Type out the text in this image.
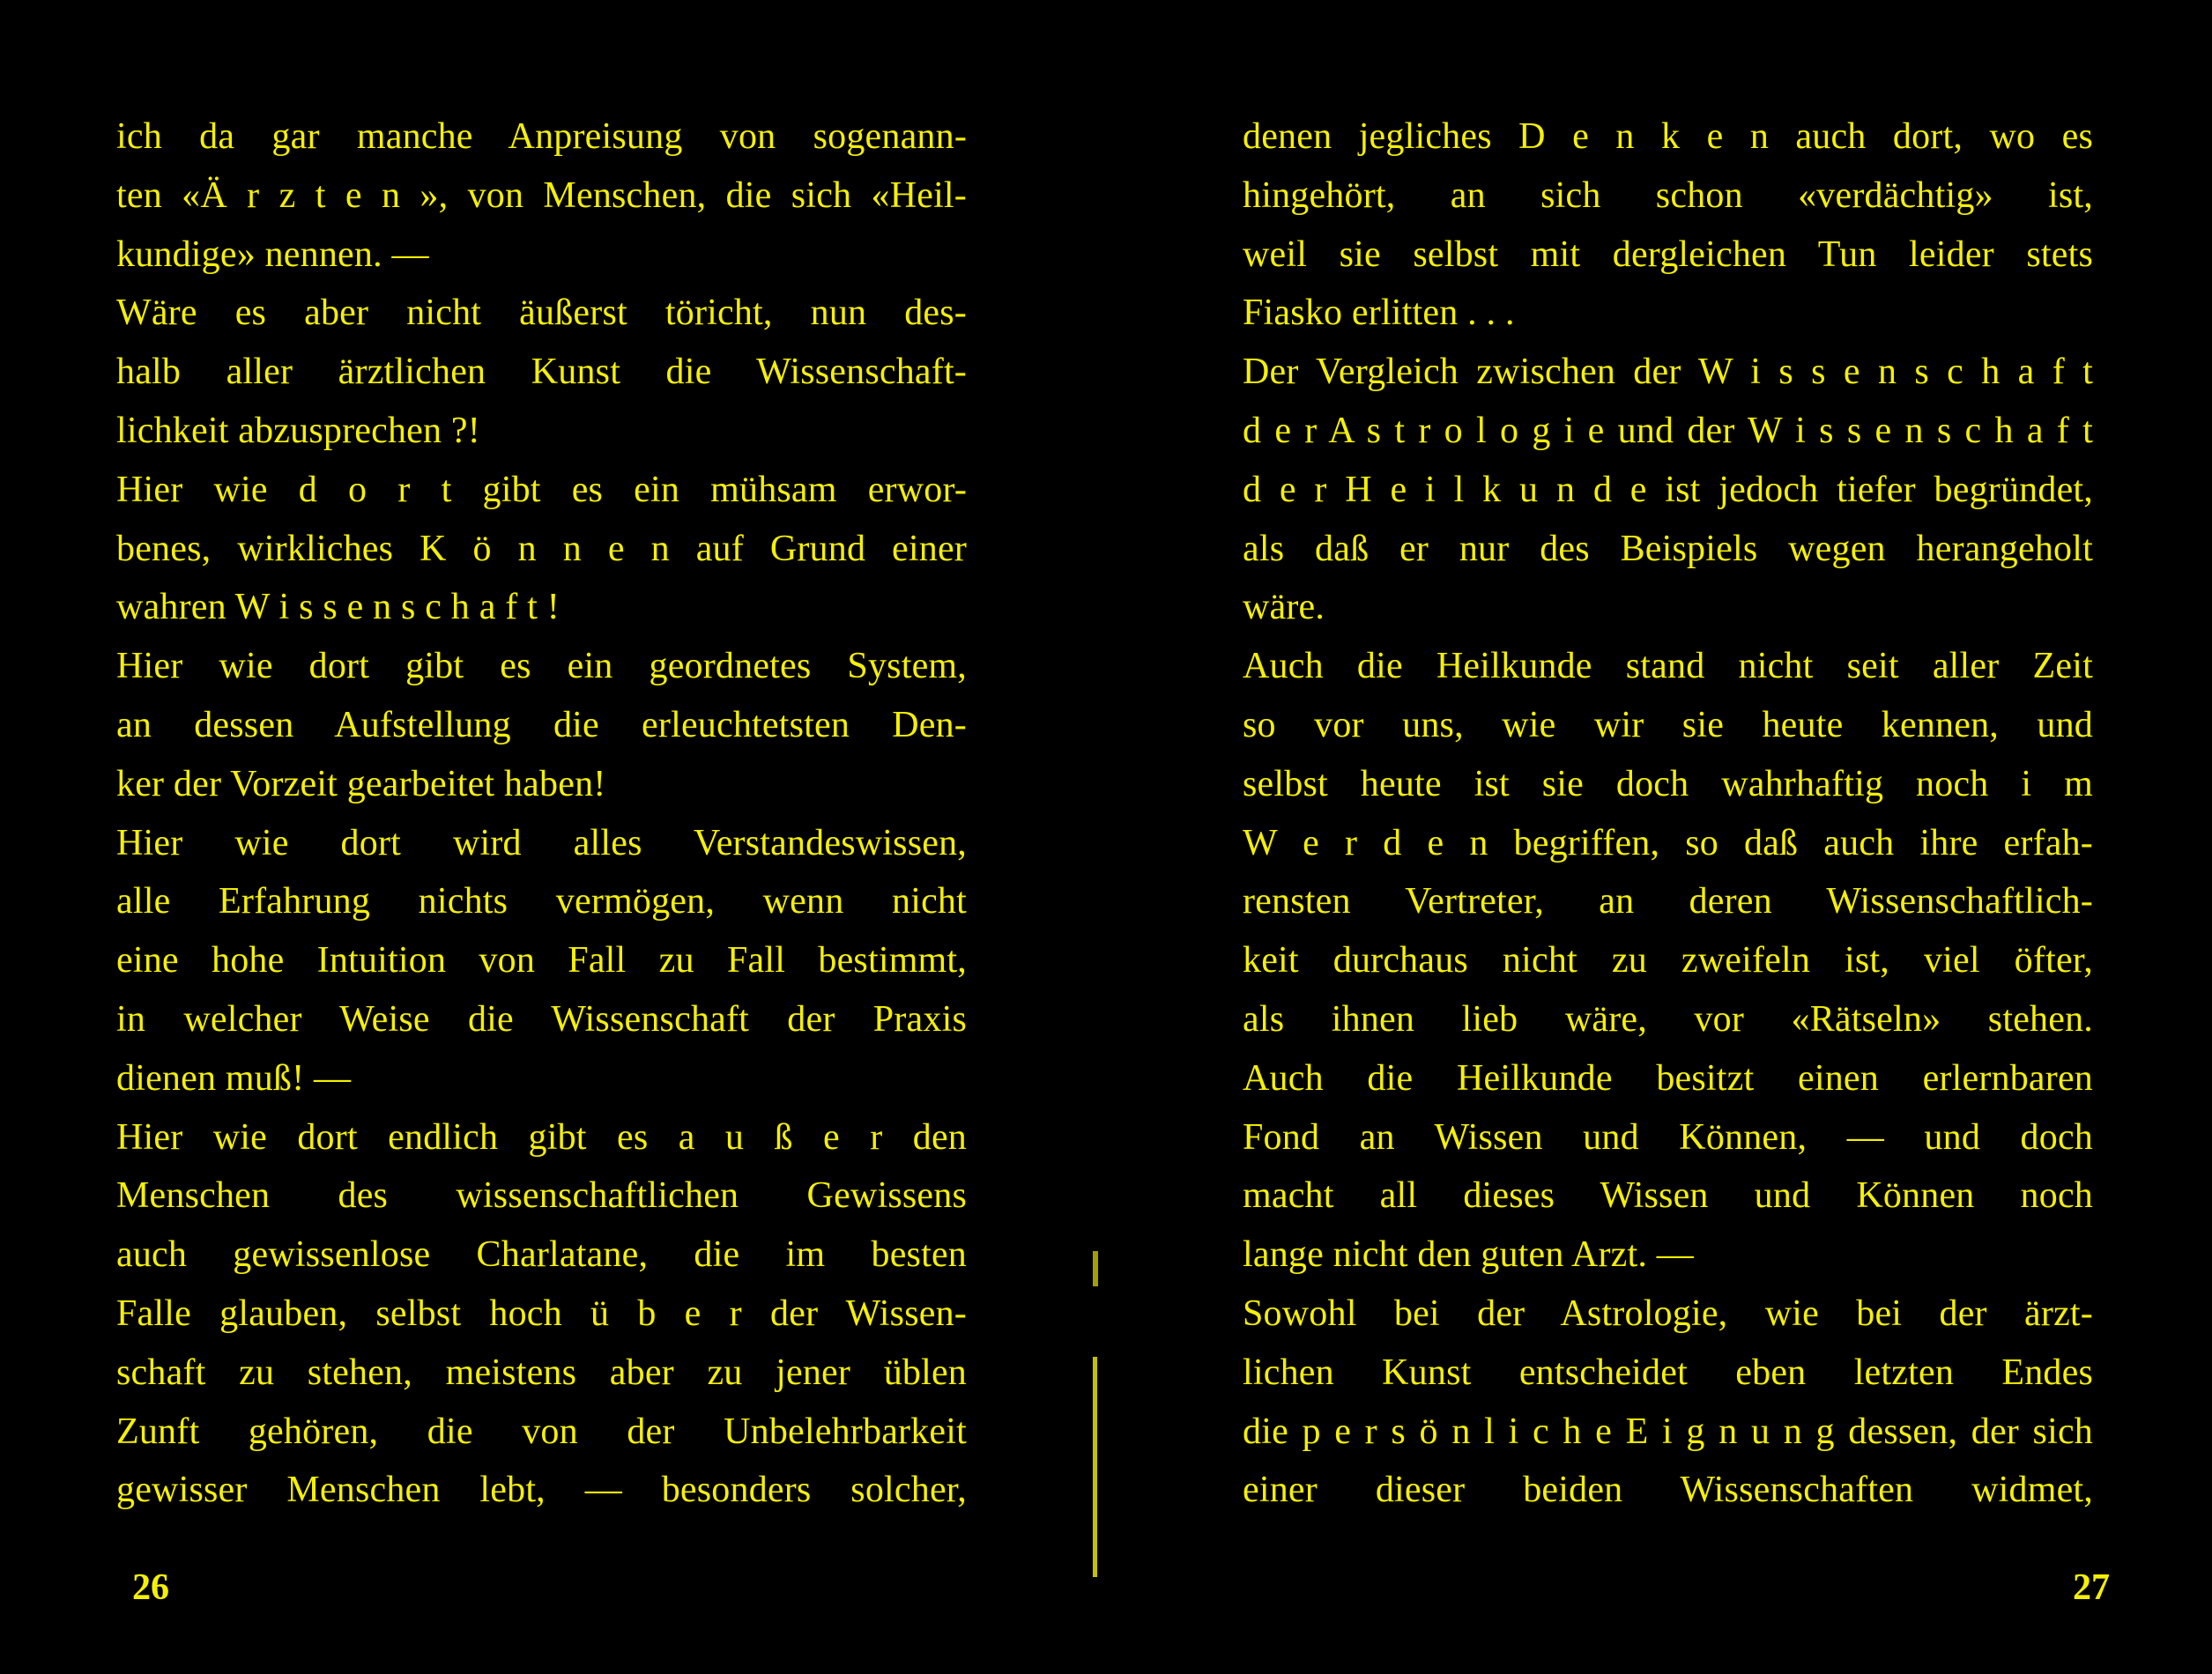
ich da gar manche Anpreisung von sogenann-
ten «Ä r z t e n », von Menschen, die sich «Heil-
kundige» nennen. —
Wäre es aber nicht äußerst töricht, nun des-
halb aller ärztlichen Kunst die Wissenschaft-
lichkeit abzusprechen ?!
Hier wie d o r t gibt es ein mühsam erwor-
benes, wirkliches K ö n n e n auf Grund einer
wahren W i s s e n s c h a f t !
Hier wie dort gibt es ein geordnetes System,
an dessen Aufstellung die erleuchtetsten Den-
ker der Vorzeit gearbeitet haben!
Hier wie dort wird alles Verstandeswissen,
alle Erfahrung nichts vermögen, wenn nicht
eine hohe Intuition von Fall zu Fall bestimmt,
in welcher Weise die Wissenschaft der Praxis
dienen muß! —
Hier wie dort endlich gibt es a u ß e r den
Menschen des wissenschaftlichen Gewissens
auch gewissenlose Charlatane, die im besten
Falle glauben, selbst hoch ü b e r der Wissen-
schaft zu stehen, meistens aber zu jener üblen
Zunft gehören, die von der Unbelehrbarkeit
gewisser Menschen lebt, — besonders solcher,
26
denen jegliches D e n k e n auch dort, wo es
hingehört, an sich schon «verdächtig» ist,
weil sie selbst mit dergleichen Tun leider stets
Fiasko erlitten . . .
Der Vergleich zwischen der W i s s e n s c h a f t
d e r A s t r o l o g i e und der W i s s e n s c h a f t
d e r H e i l k u n d e ist jedoch tiefer begründet,
als daß er nur des Beispiels wegen herangeholt
wäre.
Auch die Heilkunde stand nicht seit aller Zeit
so vor uns, wie wir sie heute kennen, und
selbst heute ist sie doch wahrhaftig noch i m
W e r d e n begriffen, so daß auch ihre erfah-
rensten Vertreter, an deren Wissenschaftlich-
keit durchaus nicht zu zweifeln ist, viel öfter,
als ihnen lieb wäre, vor «Rätseln» stehen.
Auch die Heilkunde besitzt einen erlernbaren
Fond an Wissen und Können, — und doch
macht all dieses Wissen und Können noch
lange nicht den guten Arzt. —
Sowohl bei der Astrologie, wie bei der ärzt-
lichen Kunst entscheidet eben letzten Endes
die p e r s ö n l i c h e E i g n u n g dessen, der sich
einer dieser beiden Wissenschaften widmet,
27
